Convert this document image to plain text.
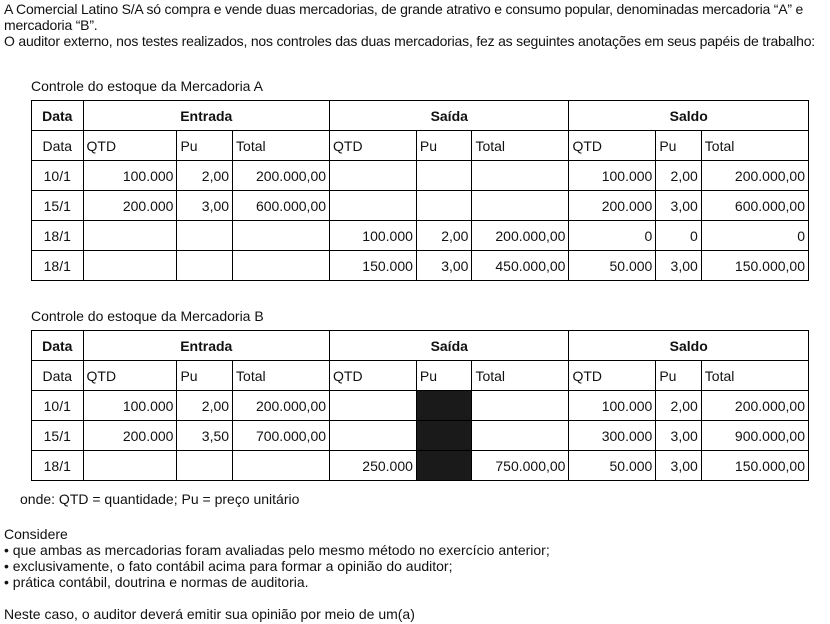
A Comercial Latino S/A só compra e vende duas mercadorias, de grande atrativo e consumo popular, denominadas mercadoria “A” e mercadoria “B”.

O auditor externo, nos testes realizados, nos controles das duas mercadorias, fez as seguintes anotações em seus papéis de trabalho:

Controle do estoque da Mercadoria A
Data	Entrada			Saída			Saldo		
Data	QTD	Pu	Total	QTD	Pu	Total	QTD	Pu	Total
10/1	100.000	2,00	200.000,00				100.000	2,00	200.000,00
15/1	200.000	3,00	600.000,00				200.000	3,00	600.000,00
18/1				100.000	2,00	200.000,00	0	0	0
18/1				150.000	3,00	450.000,00	50.000	3,00	150.000,00
Controle do estoque da Mercadoria B
Data	Entrada			Saída			Saldo		
Data	QTD	Pu	Total	QTD	Pu	Total	QTD	Pu	Total
10/1	100.000	2,00	200.000,00				100.000	2,00	200.000,00
15/1	200.000	3,50	700.000,00				300.000	3,00	900.000,00
18/1				250.000		750.000,00	50.000	3,00	150.000,00
onde: QTD = quantidade; Pu = preço unitário

Considere

• que ambas as mercadorias foram avaliadas pelo mesmo método no exercício anterior;

• exclusivamente, o fato contábil acima para formar a opinião do auditor;

• prática contábil, doutrina e normas de auditoria.

Neste caso, o auditor deverá emitir sua opinião por meio de um(a)
